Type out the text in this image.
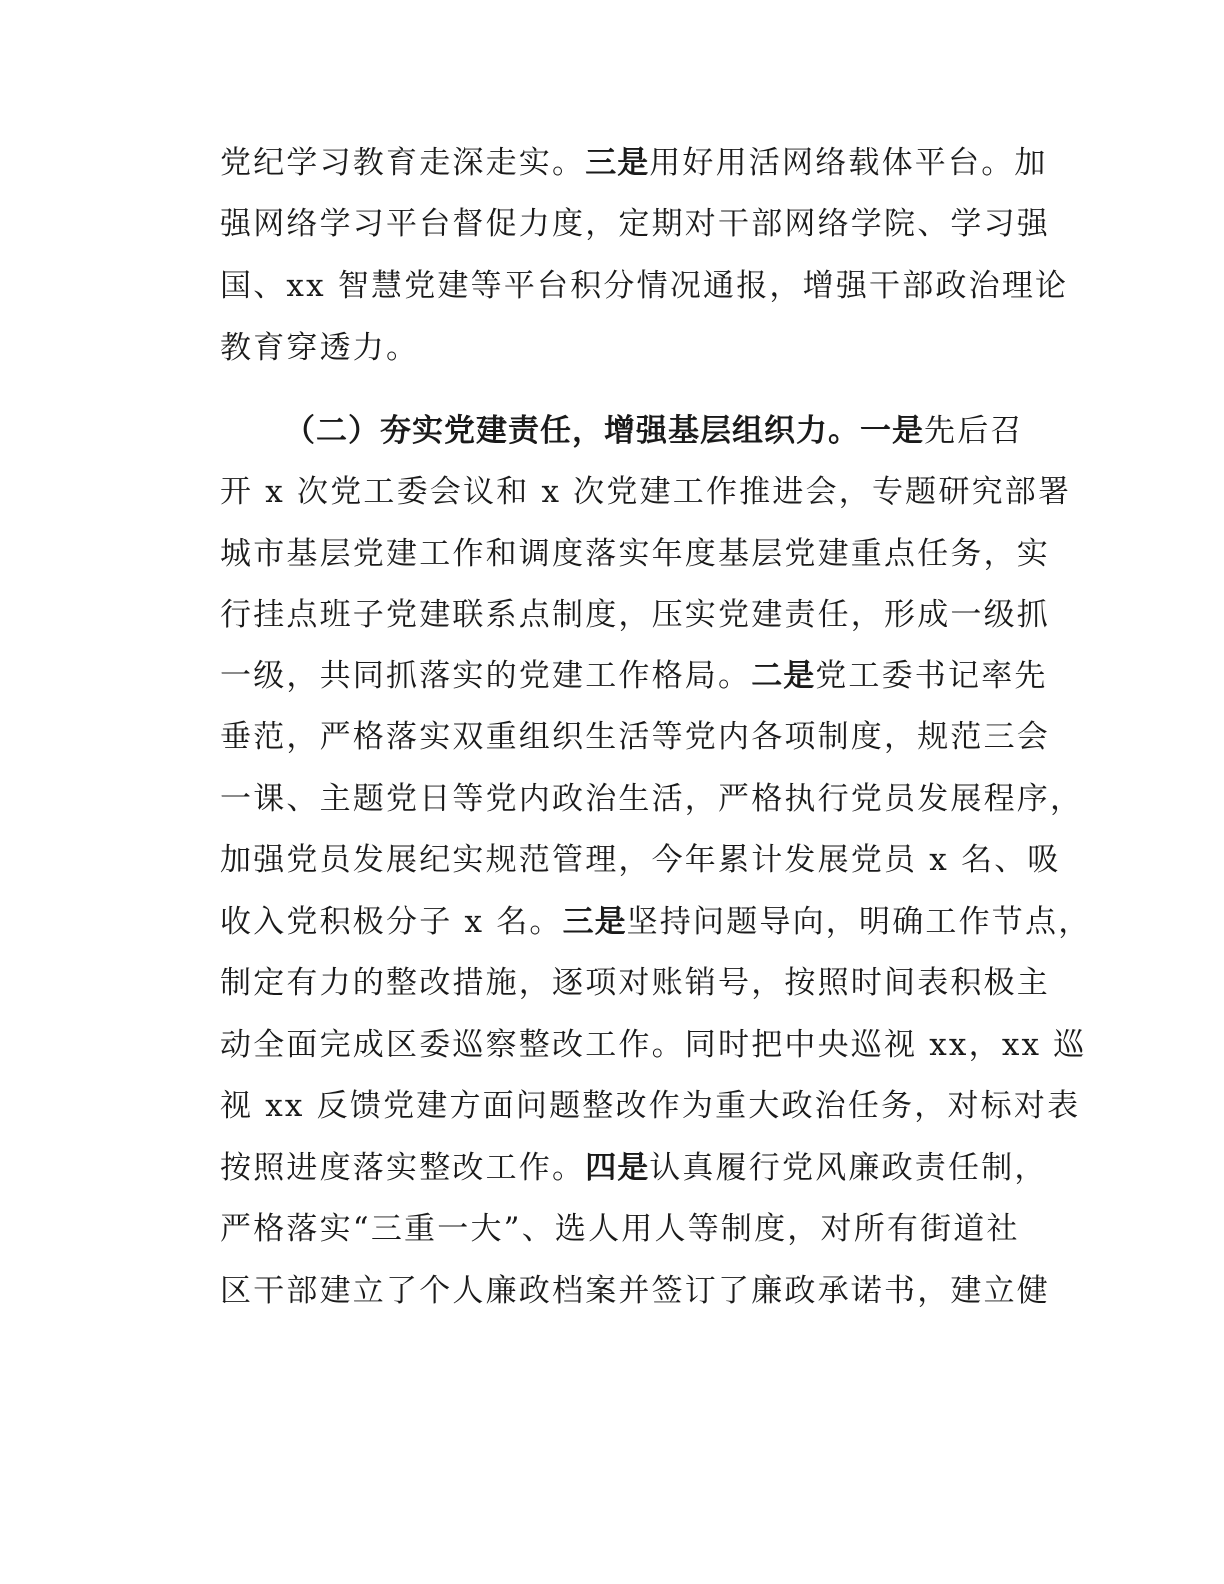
党纪学习教育走深走实。三是用好用活网络载体平台。加
强网络学习平台督促力度，定期对干部网络学院、学习强
国、xx 智慧党建等平台积分情况通报，增强干部政治理论
教育穿透力。
（二）夯实党建责任，增强基层组织力。一是先后召
开 x 次党工委会议和 x 次党建工作推进会，专题研究部署
城市基层党建工作和调度落实年度基层党建重点任务，实
行挂点班子党建联系点制度，压实党建责任，形成一级抓
一级，共同抓落实的党建工作格局。二是党工委书记率先
垂范，严格落实双重组织生活等党内各项制度，规范三会
一课、主题党日等党内政治生活，严格执行党员发展程序，
加强党员发展纪实规范管理，今年累计发展党员 x 名、吸
收入党积极分子 x 名。三是坚持问题导向，明确工作节点，
制定有力的整改措施，逐项对账销号，按照时间表积极主
动全面完成区委巡察整改工作。同时把中央巡视 xx，xx 巡
视 xx 反馈党建方面问题整改作为重大政治任务，对标对表
按照进度落实整改工作。四是认真履行党风廉政责任制，
严格落实“三重一大”、选人用人等制度，对所有街道社
区干部建立了个人廉政档案并签订了廉政承诺书，建立健
